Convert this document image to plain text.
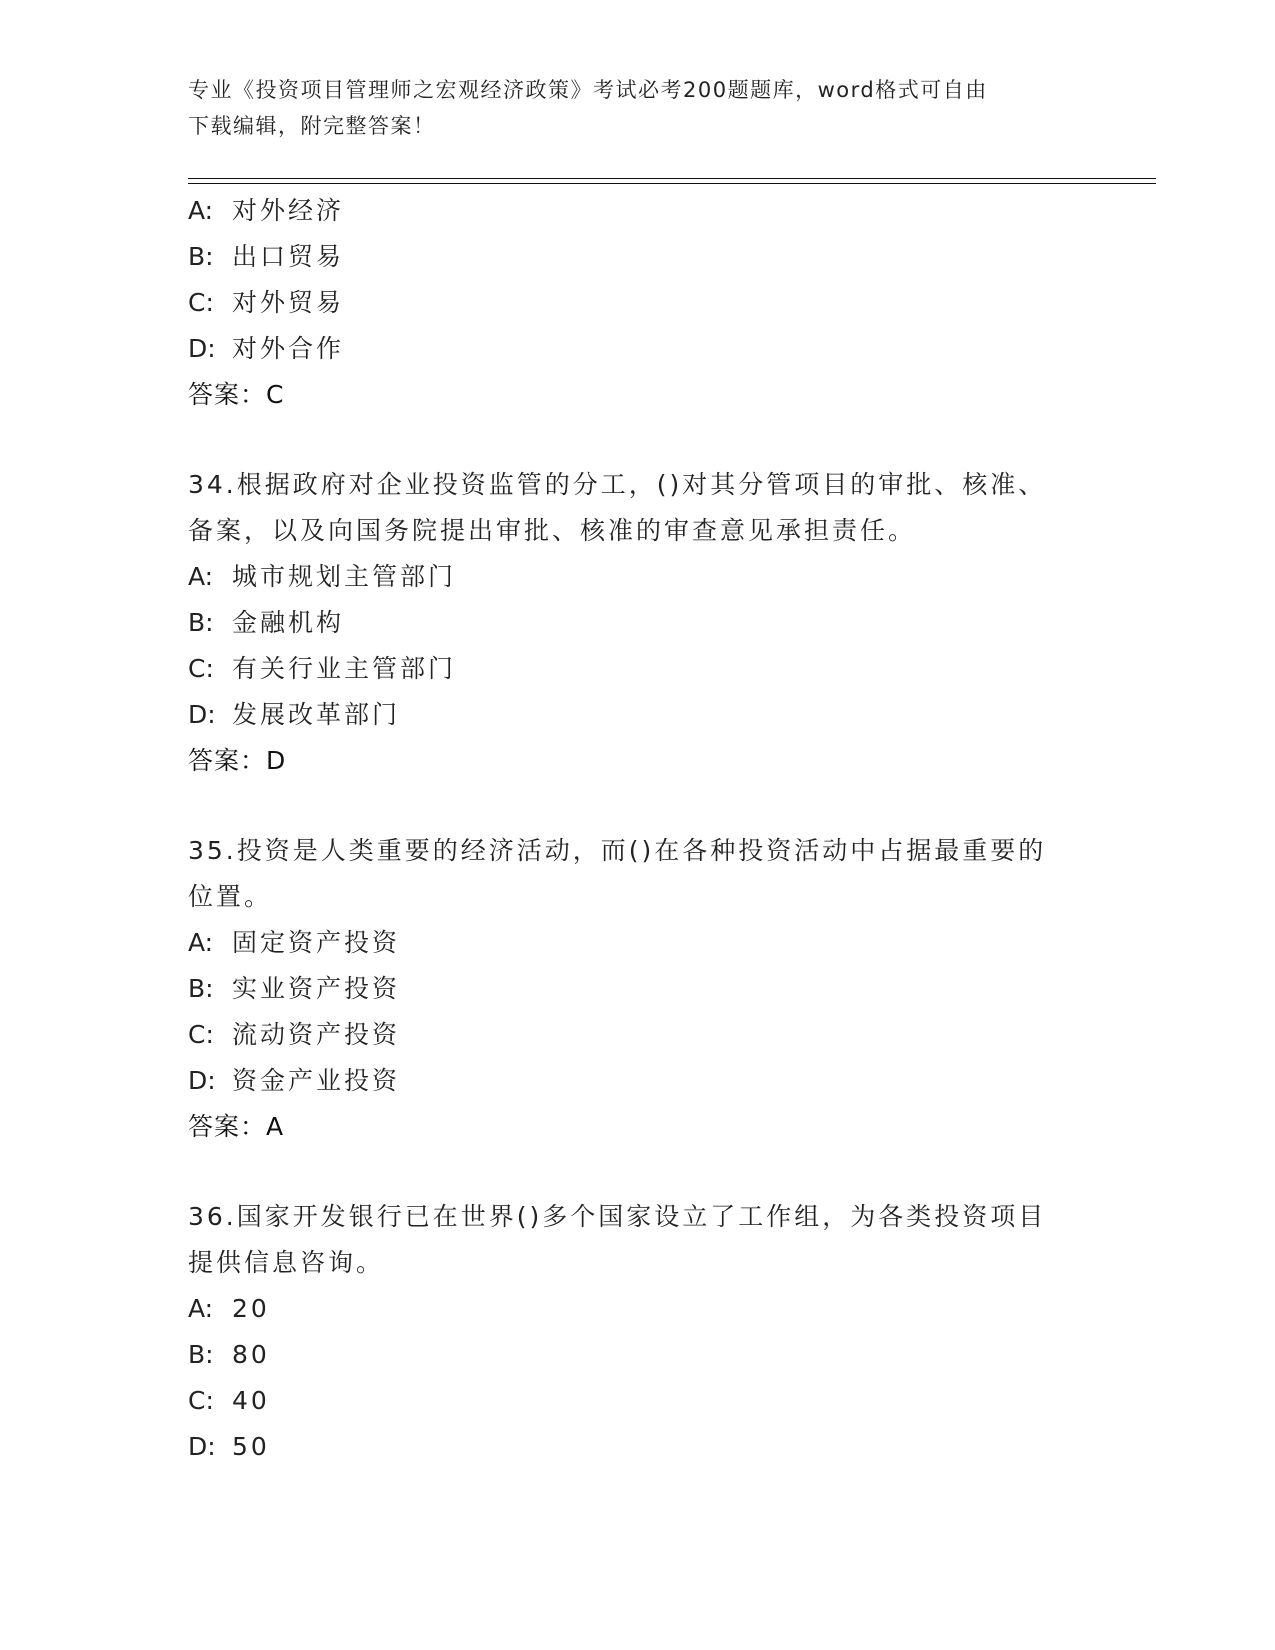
专业《投资项目管理师之宏观经济政策》考试必考200题题库，word格式可自由
下载编辑，附完整答案！

A: 对外经济

B: 出口贸易

C: 对外贸易

D: 对外合作

答案：C

34.根据政府对企业投资监管的分工，()对其分管项目的审批、核准、
备案，以及向国务院提出审批、核准的审查意见承担责任。

A: 城市规划主管部门

B: 金融机构

C: 有关行业主管部门

D: 发展改革部门

答案：D

35.投资是人类重要的经济活动，而()在各种投资活动中占据最重要的
位置。

A: 固定资产投资

B: 实业资产投资

C: 流动资产投资

D: 资金产业投资

答案：A

36.国家开发银行已在世界()多个国家设立了工作组，为各类投资项目
提供信息咨询。

A: 20

B: 80

C: 40

D: 50
